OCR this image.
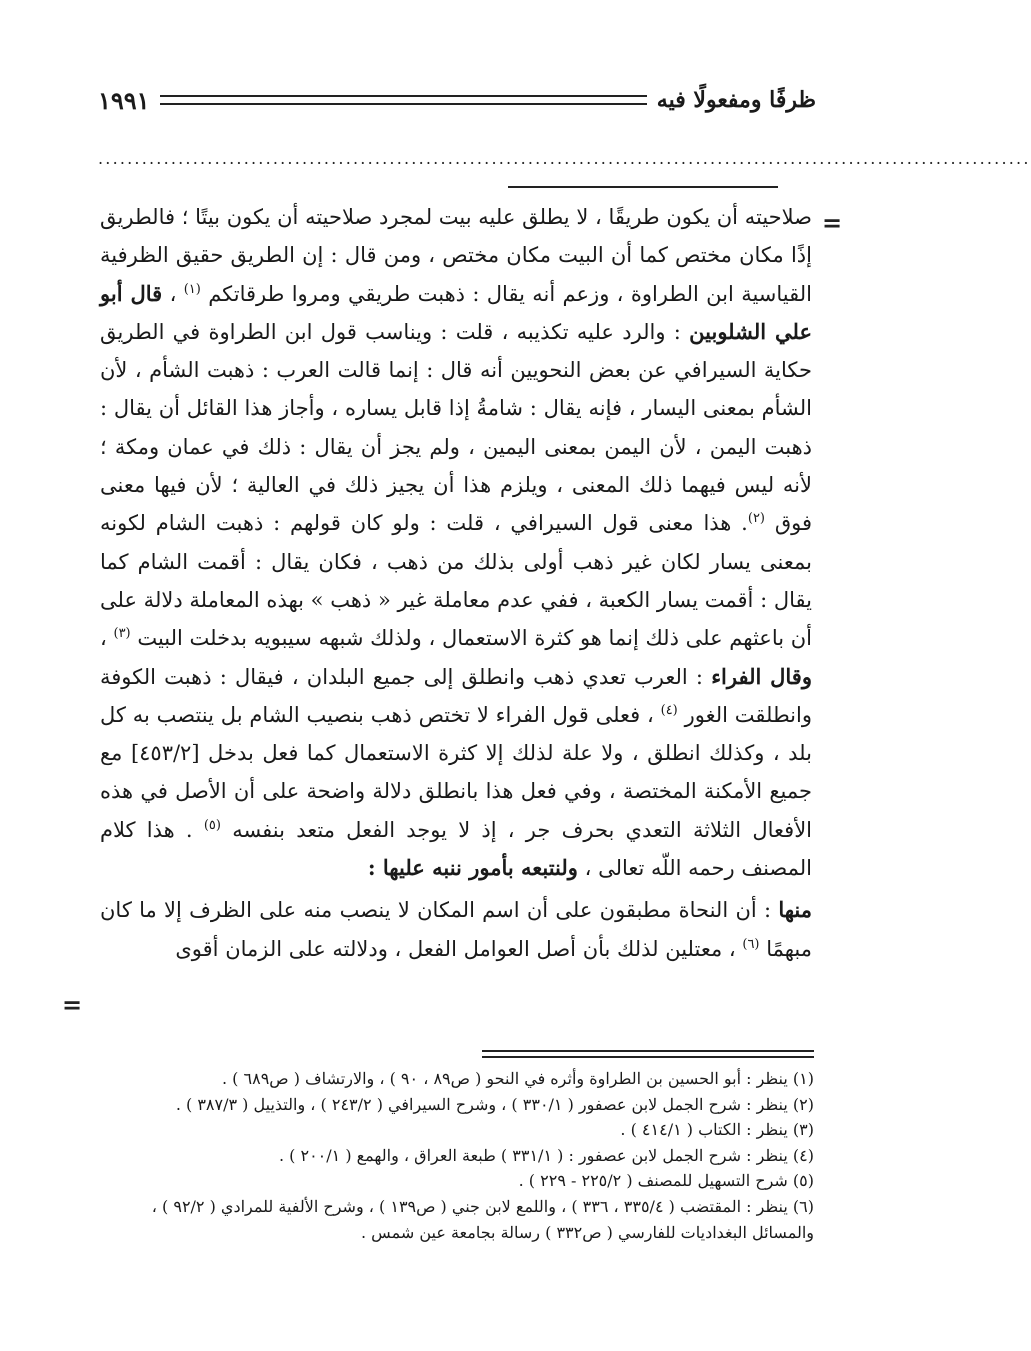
ظرفًا ومفعولًا فيه
١٩٩١
................................................................................................................................
=

صلاحيته أن يكون طريقًا ، لا يطلق عليه بيت لمجرد صلاحيته أن يكون بيتًا ؛ فالطريق إذًا مكان مختص كما أن البيت مكان مختص ، ومن قال : إن الطريق حقيق الظرفية القياسية ابن الطراوة ، وزعم أنه يقال : ذهبت طريقي ومروا طرقاتكم $^{(١)}$ ، قال أبو علي الشلوبين : والرد عليه تكذيبه ، قلت : ويناسب قول ابن الطراوة في الطريق حكاية السيرافي عن بعض النحويين أنه قال : إنما قالت العرب : ذهبت الشأم ، لأن الشأم بمعنى اليسار ، فإنه يقال : شامةُ إذا قابل يساره ، وأجاز هذا القائل أن يقال : ذهبت اليمن ، لأن اليمن بمعنى اليمين ، ولم يجز أن يقال : ذلك في عمان ومكة ؛ لأنه ليس فيهما ذلك المعنى ، ويلزم هذا أن يجيز ذلك في العالية ؛ لأن فيها معنى فوق $^{(٢)}$. هذا معنى قول السيرافي ، قلت : ولو كان قولهم : ذهبت الشام لكونه بمعنى يسار لكان غير ذهب أولى بذلك من ذهب ، فكان يقال : أقمت الشام كما يقال : أقمت يسار الكعبة ، ففي عدم معاملة غير « ذهب » بهذه المعاملة دلالة على أن باعثهم على ذلك إنما هو كثرة الاستعمال ، ولذلك شبهه سيبويه بدخلت البيت $^{(٣)}$ ، وقال الفراء : العرب تعدي ذهب وانطلق إلى جميع البلدان ، فيقال : ذهبت الكوفة وانطلقت الغور $^{(٤)}$ ، فعلى قول الفراء لا تختص ذهب بنصيب الشام بل ينتصب به كل بلد ، وكذلك انطلق ، ولا علة لذلك إلا كثرة الاستعمال كما فعل بدخل [٤٥٣/٢] مع جميع الأمكنة المختصة ، وفي فعل هذا بانطلق دلالة واضحة على أن الأصل في هذه الأفعال الثلاثة التعدي بحرف جر ، إذ لا يوجد الفعل متعد بنفسه $^{(٥)}$ . هذا كلام المصنف رحمه اللّه تعالى ، ولنتبعه بأمور ننبه عليها :

منها : أن النحاة مطبقون على أن اسم المكان لا ينصب منه على الظرف إلا ما كان مبهمًا $^{(٦)}$ ، معتلين لذلك بأن أصل العوامل الفعل ، ودلالته على الزمان أقوى

=

(١) ينظر : أبو الحسين بن الطراوة وأثره في النحو ( ص٨٩ ، ٩٠ ) ، والارتشاف ( ص٦٨٩ ) .

(٢) ينظر : شرح الجمل لابن عصفور ( ٣٣٠/١ ) ، وشرح السيرافي ( ٢٤٣/٢ ) ، والتذييل ( ٣٨٧/٣ ) .

(٣) ينظر : الكتاب ( ٤١٤/١ ) .

(٤) ينظر : شرح الجمل لابن عصفور : ( ٣٣١/١ ) طبعة العراق ، والهمع ( ٢٠٠/١ ) .

(٥) شرح التسهيل للمصنف ( ٢٢٥/٢ - ٢٢٩ ) .

(٦) ينظر : المقتضب ( ٣٣٥/٤ ، ٣٣٦ ) ، واللمع لابن جني ( ص١٣٩ ) ، وشرح الألفية للمرادي ( ٩٢/٢ ) ، والمسائل البغداديات للفارسي ( ص٣٣٢ ) رسالة بجامعة عين شمس .
